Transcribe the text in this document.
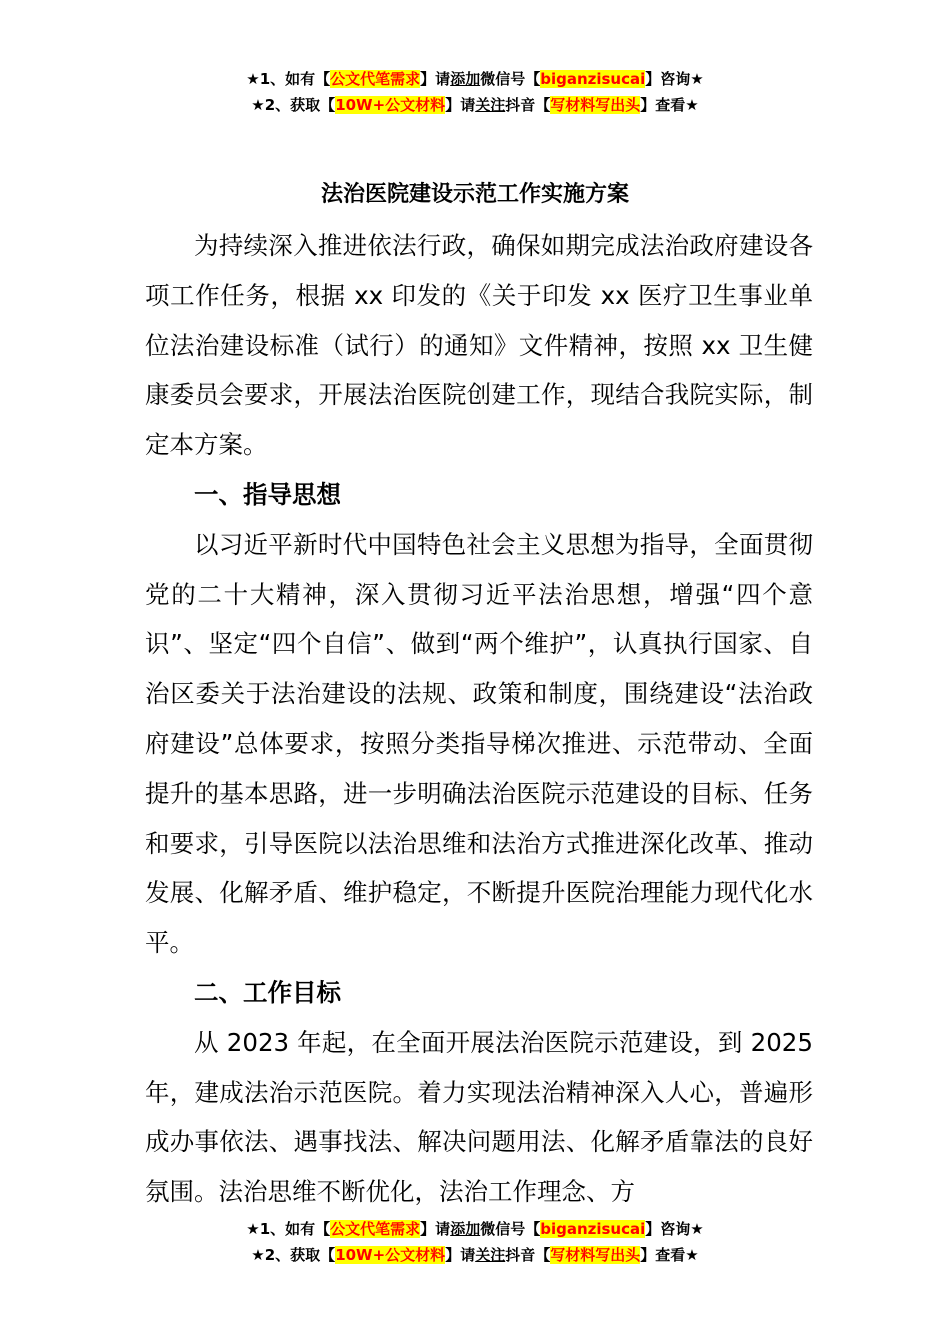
★1、如有【公文代笔需求】请添加微信号【biganzisucai】咨询★
★2、获取【10W+公文材料】请关注抖音【写材料写出头】查看★
法治医院建设示范工作实施方案

为持续深入推进依法行政，确保如期完成法治政府建设各项工作任务，根据 xx 印发的《关于印发 xx 医疗卫生事业单位法治建设标准（试行）的通知》文件精神，按照 xx 卫生健康委员会要求，开展法治医院创建工作，现结合我院实际，制定本方案。

一、指导思想

以习近平新时代中国特色社会主义思想为指导，全面贯彻党的二十大精神，深入贯彻习近平法治思想，增强“四个意识”、坚定“四个自信”、做到“两个维护”，认真执行国家、自治区委关于法治建设的法规、政策和制度，围绕建设“法治政府建设”总体要求，按照分类指导梯次推进、示范带动、全面提升的基本思路，进一步明确法治医院示范建设的目标、任务和要求，引导医院以法治思维和法治方式推进深化改革、推动发展、化解矛盾、维护稳定，不断提升医院治理能力现代化水平。

二、工作目标

从 2023 年起，在全面开展法治医院示范建设，到 2025 年，建成法治示范医院。着力实现法治精神深入人心，普遍形成办事依法、遇事找法、解决问题用法、化解矛盾靠法的良好氛围。法治思维不断优化，法治工作理念、方

★1、如有【公文代笔需求】请添加微信号【biganzisucai】咨询★
★2、获取【10W+公文材料】请关注抖音【写材料写出头】查看★
